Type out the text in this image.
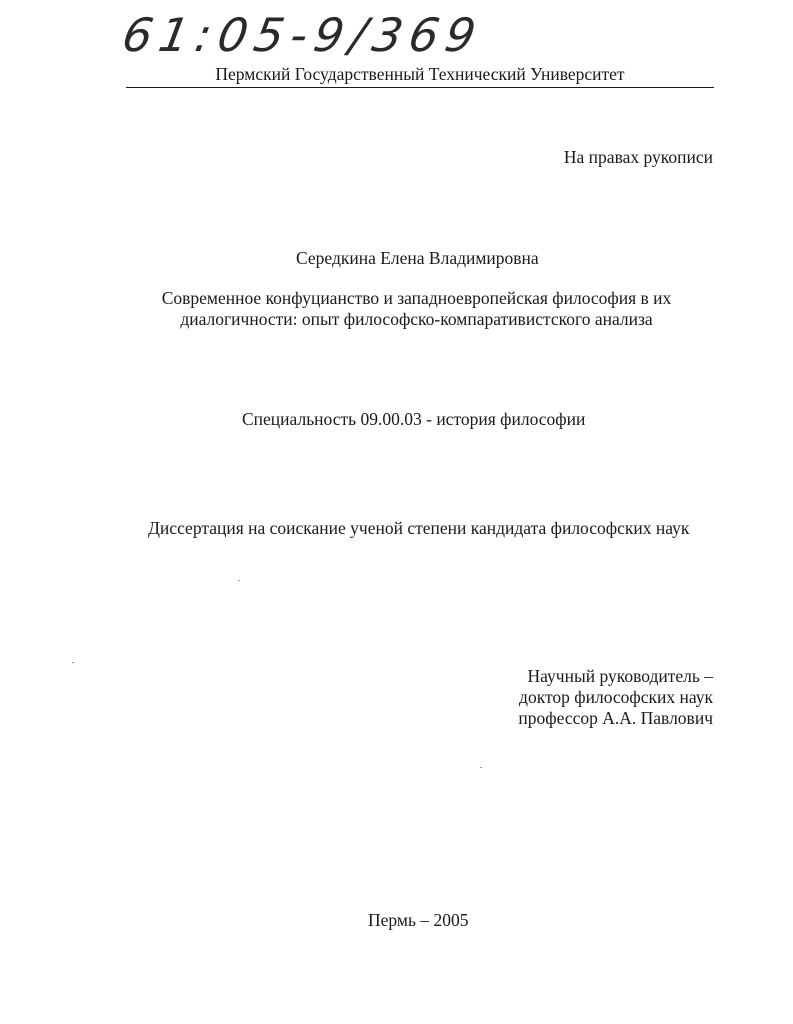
61:05-9/369
Пермский Государственный Технический Университет
На правах рукописи
Середкина Елена Владимировна
Современное конфуцианство и западноевропейская философия в их
диалогичности: опыт философско-компаративистского анализа
Специальность 09.00.03 - история философии
Диссертация на соискание ученой степени кандидата философских наук
Научный руководитель –
доктор философских наук
профессор А.А. Павлович
Пермь – 2005
